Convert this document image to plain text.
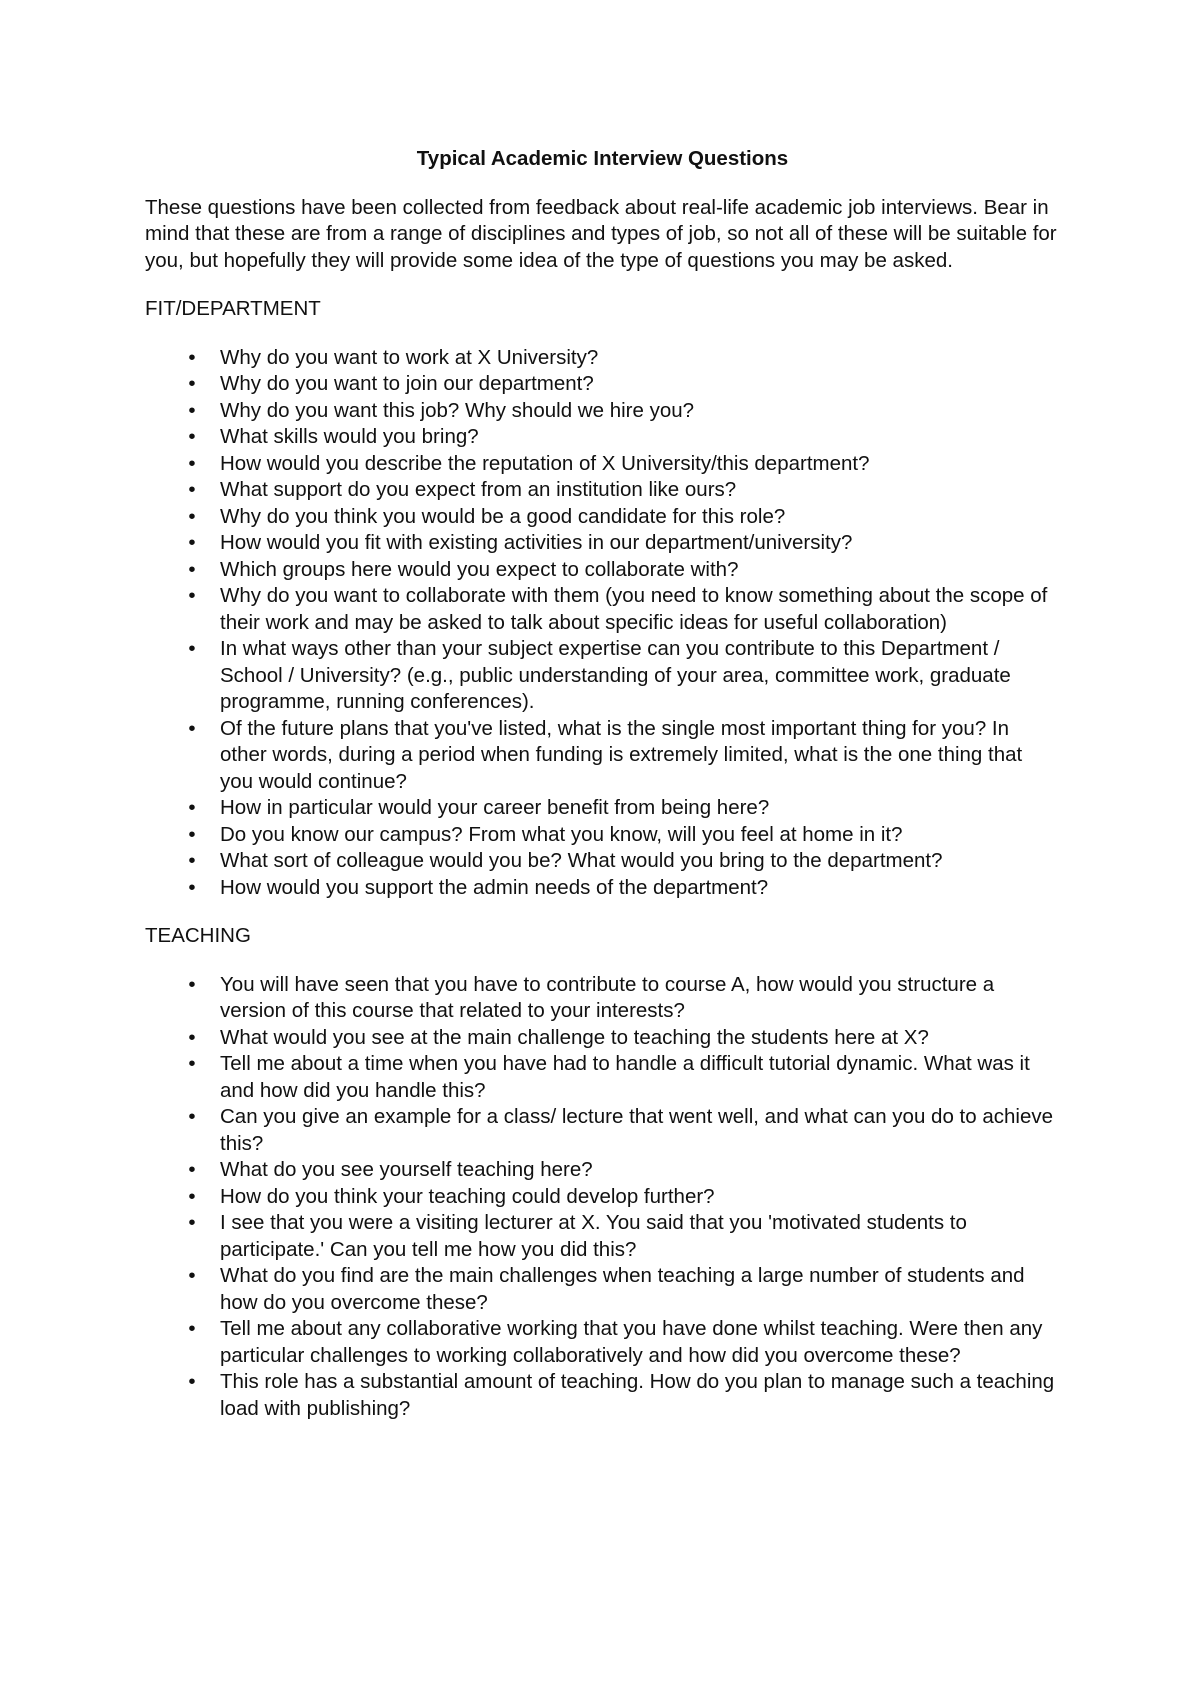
Typical Academic Interview Questions

These questions have been collected from feedback about real-life academic job interviews. Bear in mind that these are from a range of disciplines and types of job, so not all of these will be suitable for you, but hopefully they will provide some idea of the type of questions you may be asked.

FIT/DEPARTMENT
• Why do you want to work at X University?
• Why do you want to join our department?
• Why do you want this job? Why should we hire you?
• What skills would you bring?
• How would you describe the reputation of X University/this department?
• What support do you expect from an institution like ours?
• Why do you think you would be a good candidate for this role?
• How would you fit with existing activities in our department/university?
• Which groups here would you expect to collaborate with?
• Why do you want to collaborate with them (you need to know something about the scope of their work and may be asked to talk about specific ideas for useful collaboration)
• In what ways other than your subject expertise can you contribute to this Department / School / University? (e.g., public understanding of your area, committee work, graduate programme, running conferences).
• Of the future plans that you've listed, what is the single most important thing for you? In other words, during a period when funding is extremely limited, what is the one thing that you would continue?
• How in particular would your career benefit from being here?
• Do you know our campus? From what you know, will you feel at home in it?
• What sort of colleague would you be? What would you bring to the department?
• How would you support the admin needs of the department?
TEACHING
• You will have seen that you have to contribute to course A, how would you structure a version of this course that related to your interests?
• What would you see at the main challenge to teaching the students here at X?
• Tell me about a time when you have had to handle a difficult tutorial dynamic. What was it and how did you handle this?
• Can you give an example for a class/ lecture that went well, and what can you do to achieve this?
• What do you see yourself teaching here?
• How do you think your teaching could develop further?
• I see that you were a visiting lecturer at X. You said that you 'motivated students to participate.' Can you tell me how you did this?
• What do you find are the main challenges when teaching a large number of students and how do you overcome these?
• Tell me about any collaborative working that you have done whilst teaching. Were then any particular challenges to working collaboratively and how did you overcome these?
• This role has a substantial amount of teaching. How do you plan to manage such a teaching load with publishing?
